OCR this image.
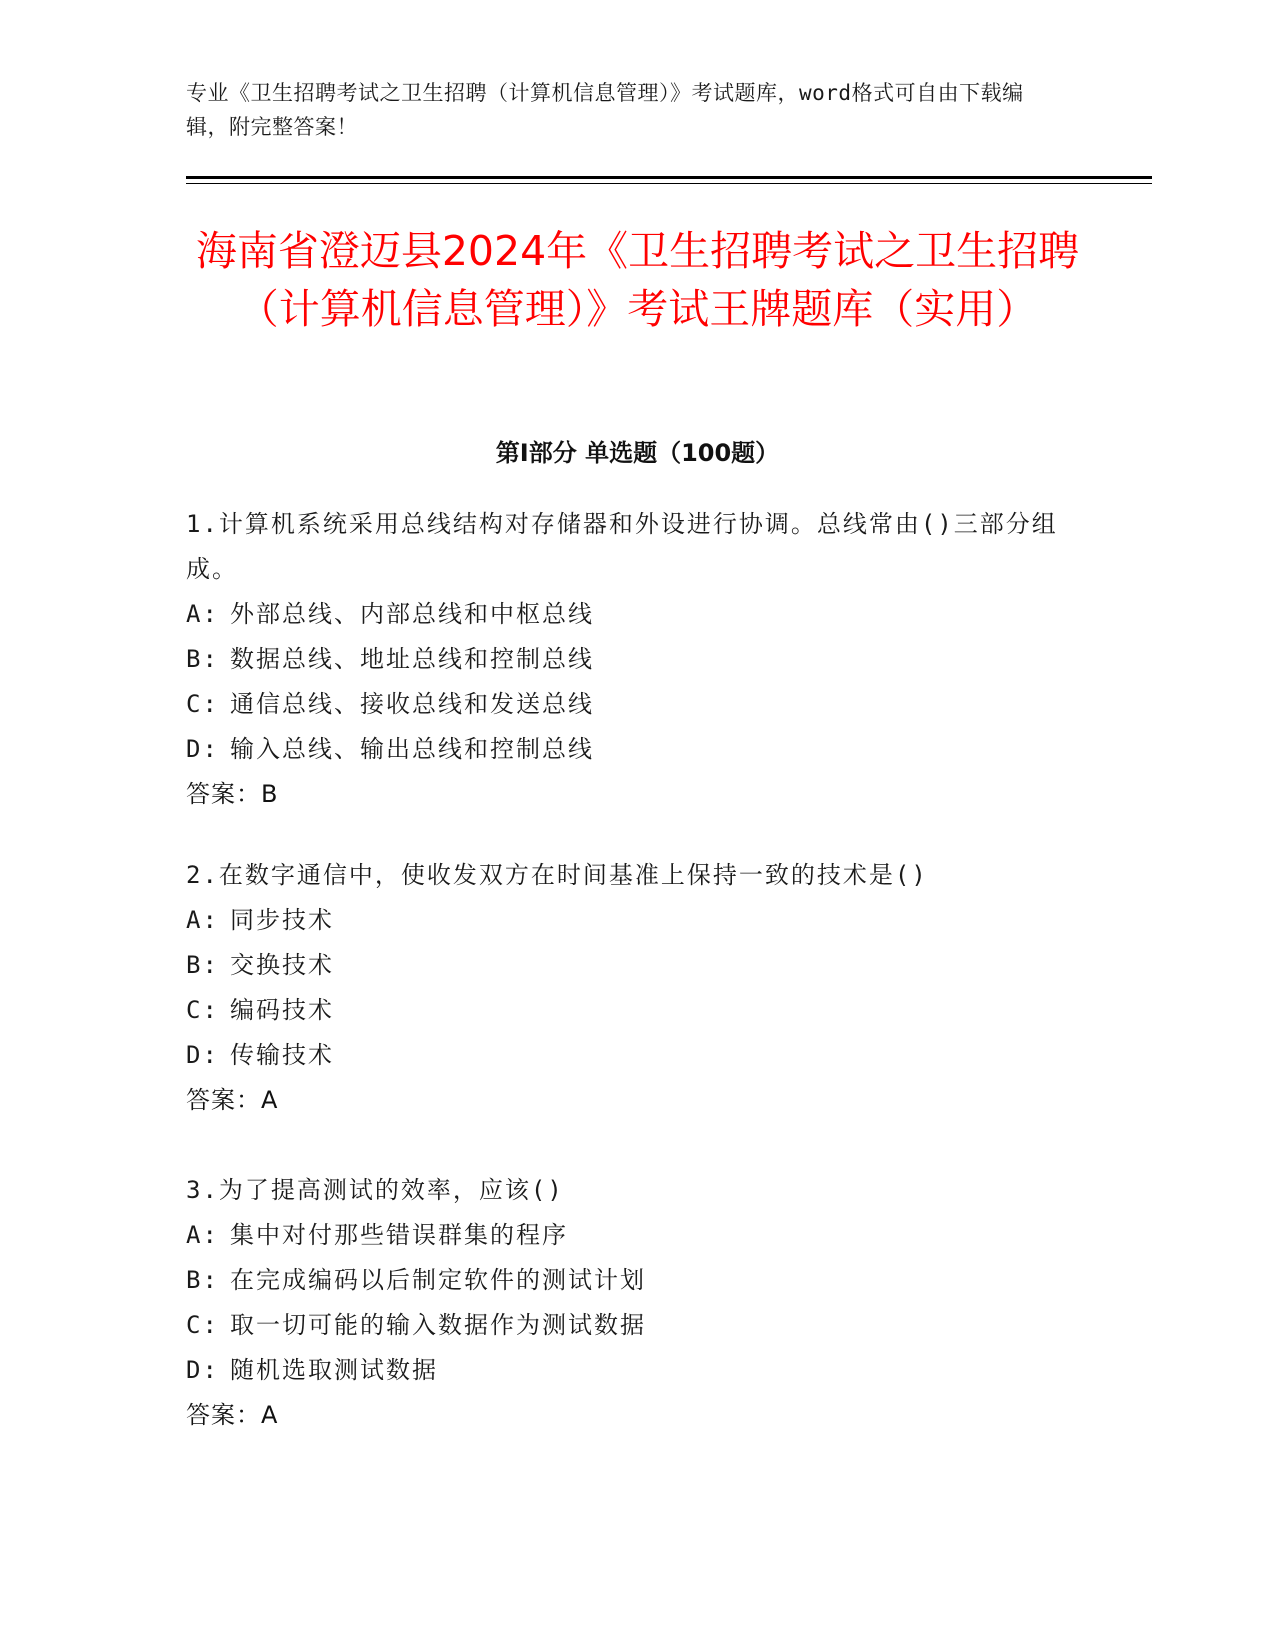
专业《卫生招聘考试之卫生招聘（计算机信息管理）》考试题库，word格式可自由下载编辑，附完整答案！
海南省澄迈县2024年《卫生招聘考试之卫生招聘（计算机信息管理）》考试王牌题库（实用）
第Ⅰ部分 单选题（100题）

1.计算机系统采用总线结构对存储器和外设进行协调。总线常由()三部分组成。

A: 外部总线、内部总线和中枢总线

B: 数据总线、地址总线和控制总线

C: 通信总线、接收总线和发送总线

D: 输入总线、输出总线和控制总线

答案：B

2.在数字通信中，使收发双方在时间基准上保持一致的技术是()

A: 同步技术

B: 交换技术

C: 编码技术

D: 传输技术

答案：A

3.为了提高测试的效率，应该()

A: 集中对付那些错误群集的程序

B: 在完成编码以后制定软件的测试计划

C: 取一切可能的输入数据作为测试数据

D: 随机选取测试数据

答案：A
